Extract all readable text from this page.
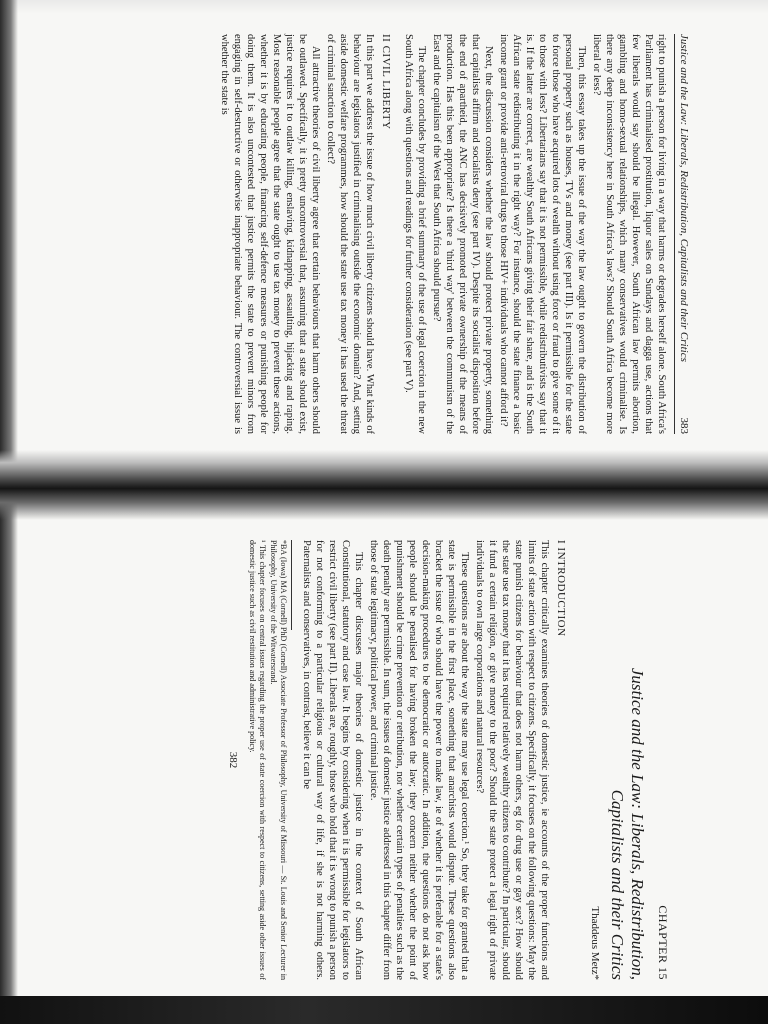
Justice and the Law: Liberals, Redistribution, Capitalists and their Critics
383

right to punish a person for living in a way that harms or degrades herself alone. South Africa's Parliament has criminalised prostitution, liquor sales on Sundays and dagga use, actions that few liberals would say should be illegal. However, South African law permits abortion, gambling and homo-sexual relationships, which many conservatives would criminalise. Is there any deep inconsistency here in South Africa's laws? Should South Africa become more liberal or less?

Then, this essay takes up the issue of the way the law ought to govern the distribution of personal property such as houses, TVs and money (see part III). Is it permissible for the state to force those who have acquired lots of wealth without using force or fraud to give some of it to those with less? Libertarians say that it is not permissible, while redistributivists say that it is. If the latter are correct, are wealthy South Africans giving their fair share, and is the South African state redistributing it in the right way? For instance, should the state finance a basic income grant or provide anti-retroviral drugs to those HIV+ individuals who cannot afford it?

Next, the discussion considers whether the law should protect private property, something that capitalists affirm and socialists deny (see part IV). Despite its socialist disposition before the end of apartheid, the ANC has decisively promoted private ownership of the means of production. Has this been appropriate? Is there a 'third way' between the communism of the East and the capitalism of the West that South Africa should pursue?

The chapter concludes by providing a brief summary of the use of legal coercion in the new South Africa along with questions and readings for further consideration (see part V).

II CIVIL LIBERTY

In this part we address the issue of how much civil liberty citizens should have. What kinds of behaviour are legislators justified in criminalising outside the economic domain? And, setting aside domestic welfare programmes, how should the state use tax money it has used the threat of criminal sanction to collect?

All attractive theories of civil liberty agree that certain behaviours that harm others should be outlawed. Specifically, it is pretty uncontroversial that, assuming that a state should exist, justice requires it to outlaw killing, enslaving, kidnapping, assaulting, hijacking and raping. Most reasonable people agree that the state ought to use tax money to prevent these actions, whether it is by educating people, financing self-defence measures or punishing people for doing them. It is also uncontested that justice permits the state to prevent minors from engaging in self-destructive or otherwise inappropriate behaviour. The controversial issue is whether the state is

CHAPTER 15
Justice and the Law: Liberals, Redistribution,
Capitalists and their Critics
Thaddeus Metz*
I INTRODUCTION

This chapter critically examines theories of domestic justice, ie accounts of the proper functions and limits of state action with respect to citizens. Specifically, it focuses on the following questions: May the state punish citizens for behaviour that does not harm others, eg for drug use or gay sex? How should the state use tax money that it has required relatively wealthy citizens to contribute? In particular, should it fund a certain religion, or give money to the poor? Should the state protect a legal right of private individuals to own large corporations and natural resources?

These questions are about the way the state may use legal coercion.¹ So, they take for granted that a state is permissible in the first place, something that anarchists would dispute. These questions also bracket the issue of who should have the power to make law, ie of whether it is preferable for a state's decision-making procedures to be democratic or autocratic. In addition, the questions do not ask how people should be penalised for having broken the law; they concern neither whether the point of punishment should be crime prevention or retribution, nor whether certain types of penalties such as the death penalty are permissible. In sum, the issues of domestic justice addressed in this chapter differ from those of state legitimacy, political power, and criminal justice.

This chapter discusses major theories of domestic justice in the context of South African Constitutional, statutory and case law. It begins by considering when it is permissible for legislators to restrict civil liberty (see part II). Liberals are, roughly, those who hold that it is wrong to punish a person for not conforming to a particular religious or cultural way of life, if she is not harming others. Paternalists and conservatives, in contrast, believe it can be

*BA (Iowa) MA (Cornell) PhD (Cornell) Associate Professor of Philosophy, University of Missouri — St. Louis and Senior Lecturer in Philosophy, University of the Witwatersrand.

¹ This chapter focuses on central issues regarding the proper use of state coercion with respect to citizens, setting aside other issues of domestic justice such as civil restitution and administrative policy.

382
